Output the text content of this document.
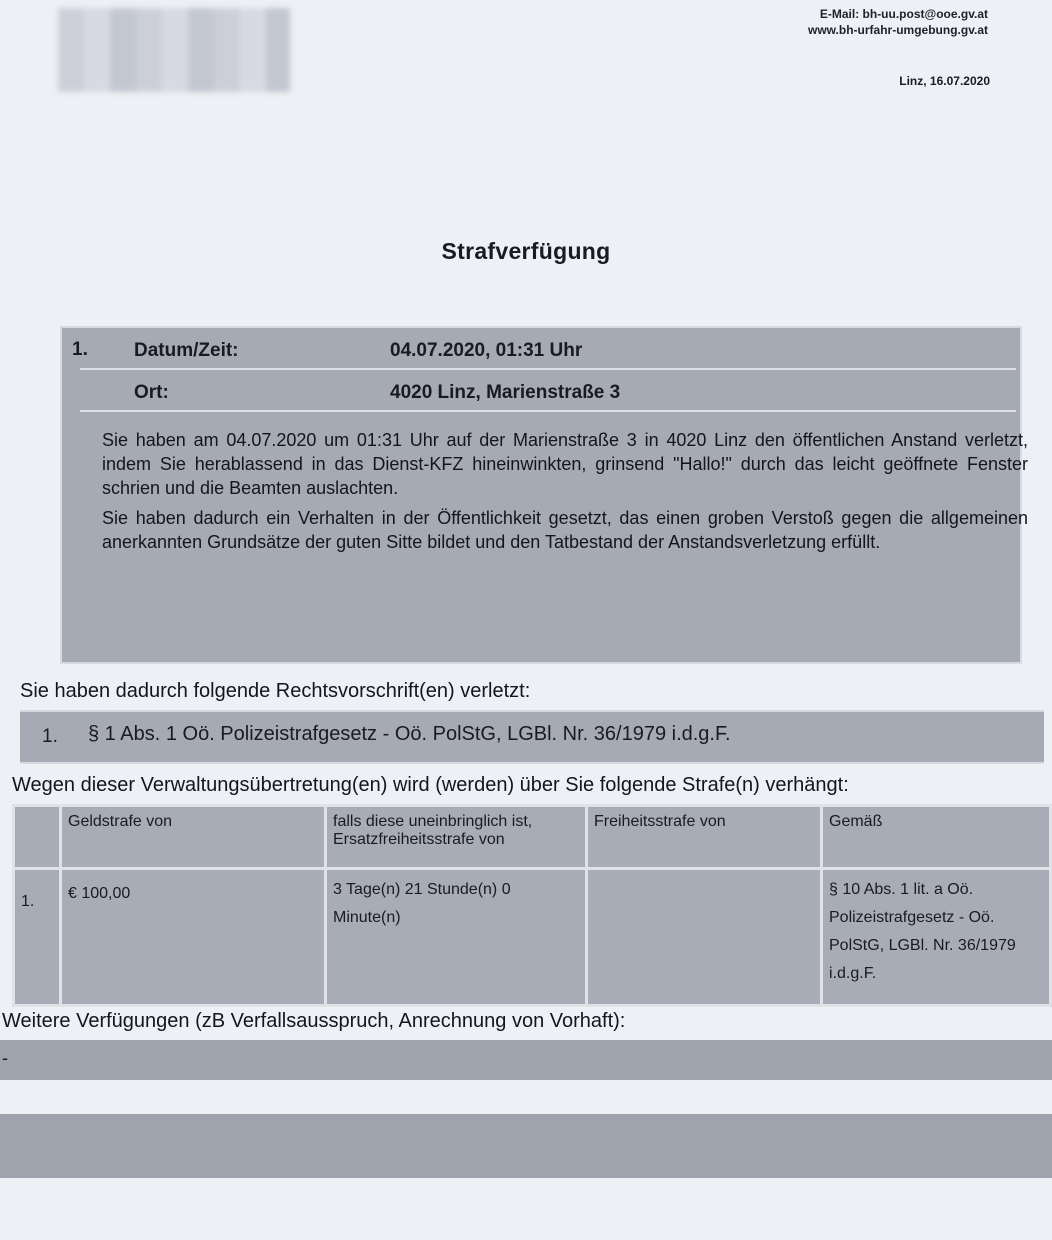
E-Mail: bh-uu.post@ooe.gv.at
www.bh-urfahr-umgebung.gv.at
Linz, 16.07.2020
Strafverfügung
1. Datum/Zeit:	04.07.2020, 01:31 Uhr
Ort:	4020 Linz, Marienstraße 3

Sie haben am 04.07.2020 um 01:31 Uhr auf der Marienstraße 3 in 4020 Linz den öffentlichen Anstand verletzt, indem Sie herablassend in das Dienst-KFZ hineinwinkten, grinsend "Hallo!" durch das leicht geöffnete Fenster schrien und die Beamten auslachten.

Sie haben dadurch ein Verhalten in der Öffentlichkeit gesetzt, das einen groben Verstoß gegen die allgemeinen anerkannten Grundsätze der guten Sitte bildet und den Tatbestand der Anstandsverletzung erfüllt.

Sie haben dadurch folgende Rechtsvorschrift(en) verletzt:
1. § 1 Abs. 1 Oö. Polizeistrafgesetz - Oö. PolStG, LGBl. Nr. 36/1979 i.d.g.F.
Wegen dieser Verwaltungsübertretung(en) wird (werden) über Sie folgende Strafe(n) verhängt:
	Geldstrafe von	falls diese uneinbringlich ist, Ersatzfreiheitsstrafe von	Freiheitsstrafe von	Gemäß
1.	€ 100,00	3 Tage(n) 21 Stunde(n) 0 Minute(n)		§ 10 Abs. 1 lit. a Oö. Polizeistrafgesetz - Oö. PolStG, LGBl. Nr. 36/1979 i.d.g.F.
Weitere Verfügungen (zB Verfallsausspruch, Anrechnung von Vorhaft):
-
